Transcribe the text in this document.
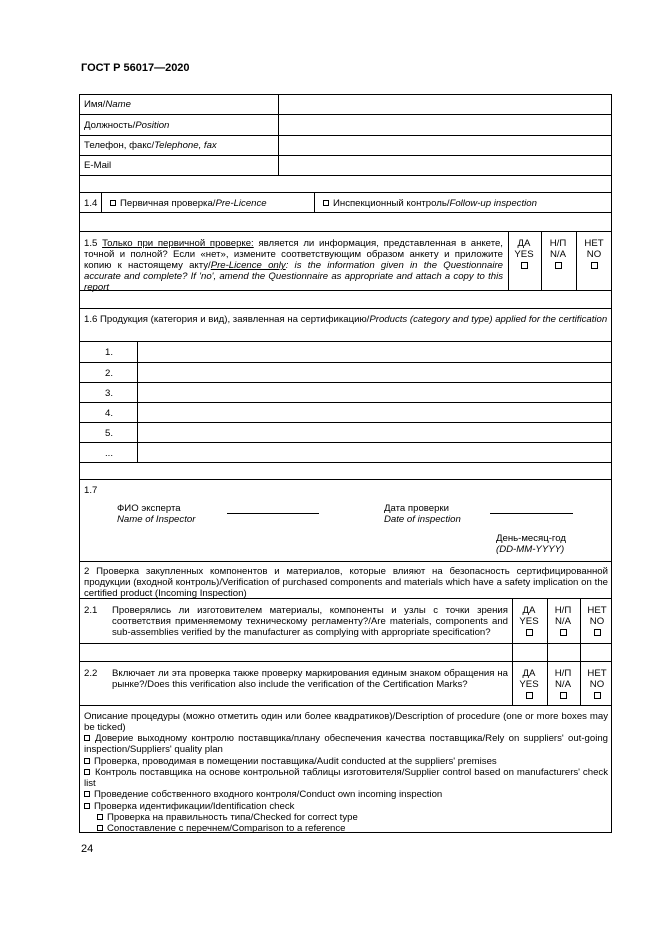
ГОСТ Р 56017—2020
Имя/Name
Должность/Position
Телефон, факс/Telephone, fax
E-Mail
1.4	Первичная проверка/Pre-Licence	Инспекционный контроль/Follow-up inspection
1.5 Только при первичной проверке: является ли информация, представленная в анкете, точной и полной? Если «нет», измените соответствующим образом анкету и приложите копию к настоящему акту/Pre-Licence only: is the information given in the Questionnaire accurate and complete? If 'no', amend the Questionnaire as appropriate and attach a copy to this report
ДА
YES
Н/П
N/A
НЕТ
NO
1.6 Продукция (категория и вид), заявленная на сертификацию/Products (category and type) applied for the certification
1.
2.
3.
4.
5.
...
1.7
ФИО эксперта
Name of Inspector
Дата проверки
Date of inspection
День-месяц-год
(DD-MM-YYYY)
2 Проверка закупленных компонентов и материалов, которые влияют на безопасность сертифицированной продукции (входной контроль)/Verification of purchased components and materials which have a safety implication on the certified product (Incoming Inspection)
2.1 Проверялись ли изготовителем материалы, компоненты и узлы с точки зрения соответствия применяемому техническому регламенту?/Are materials, components and sub-assemblies verified by the manufacturer as complying with appropriate specification?
ДА
YES
Н/П
N/A
НЕТ
NO
2.2 Включает ли эта проверка также проверку маркирования единым знаком обращения на рынке?/Does this verification also include the verification of the Certification Marks?
ДА
YES
Н/П
N/A
НЕТ
NO
Описание процедуры (можно отметить один или более квадратиков)/Description of procedure (one or more boxes may be ticked)
Доверие выходному контролю поставщика/плану обеспечения качества поставщика/Rely on suppliers' out-going inspection/Suppliers' quality plan
Проверка, проводимая в помещении поставщика/Audit conducted at the suppliers' premises
Контроль поставщика на основе контрольной таблицы изготовителя/Supplier control based on manufacturers' check list
Проведение собственного входного контроля/Conduct own incoming inspection
Проверка идентификации/Identification check
Проверка на правильность типа/Checked for correct type
Сопоставление с перечнем/Comparison to a reference
24
